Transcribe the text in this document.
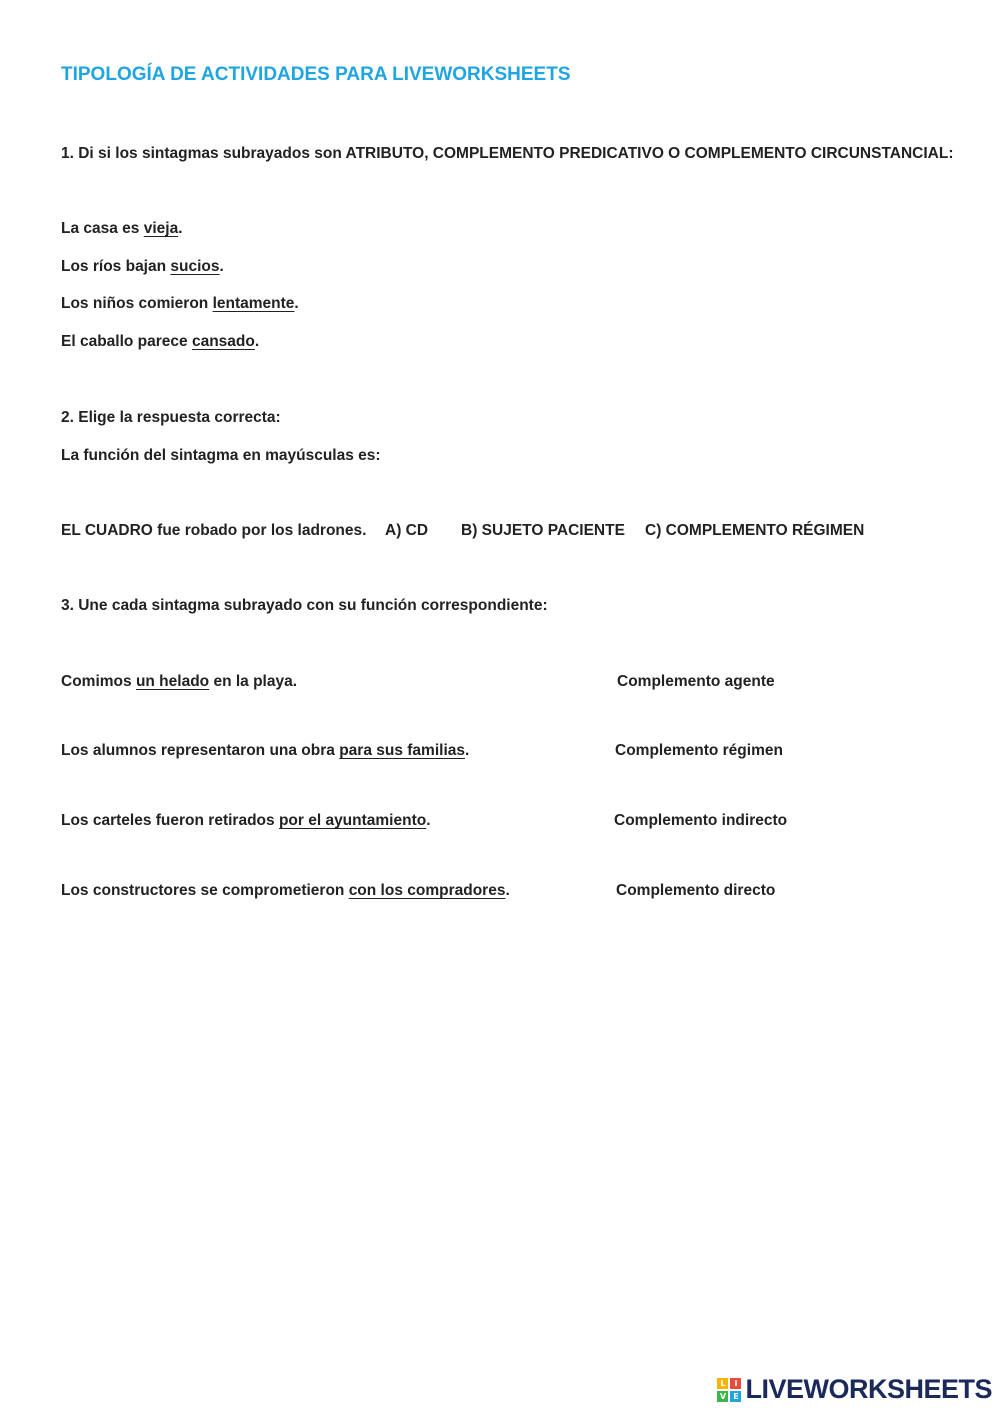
TIPOLOGÍA DE ACTIVIDADES PARA LIVEWORKSHEETS
1. Di si los sintagmas subrayados son ATRIBUTO, COMPLEMENTO PREDICATIVO O COMPLEMENTO CIRCUNSTANCIAL:
La casa es vieja.
Los ríos bajan sucios.
Los niños comieron lentamente.
El caballo parece cansado.
2. Elige la respuesta correcta:
La función del sintagma en mayúsculas es:
EL CUADRO fue robado por los ladrones. A) CD B) SUJETO PACIENTE C) COMPLEMENTO RÉGIMEN
3. Une cada sintagma subrayado con su función correspondiente:
Comimos un helado en la playa.
Los alumnos representaron una obra para sus familias.
Los carteles fueron retirados por el ayuntamiento.
Los constructores se comprometieron con los compradores.
Complemento agente
Complemento régimen
Complemento indirecto
Complemento directo
L	I
V E LIVEWORKSHEETS
